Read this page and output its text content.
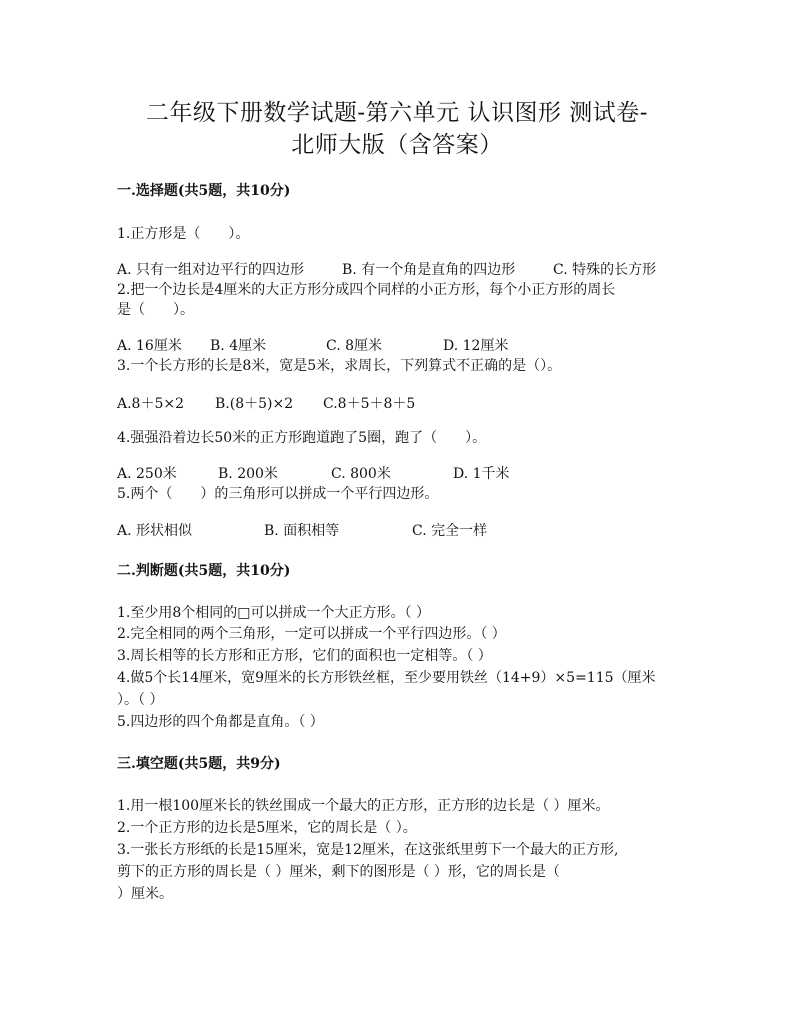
二年级下册数学试题-第六单元 认识图形 测试卷-
北师大版（含答案）
一.选择题(共5题，共10分)
1.正方形是（　　）。
A. 只有一组对边平行的四边形	B. 有一个角是直角的四边形	C. 特殊的长方形
2.把一个边长是4厘米的大正方形分成四个同样的小正方形，每个小正方形的周长
是（　　）。
A. 16厘米 B. 4厘米	C. 8厘米	D. 12厘米
3.一个长方形的长是8米，宽是5米，求周长，下列算式不正确的是（）。
A.8＋5×2 B.(8＋5)×2 C.8＋5＋8＋5
4.强强沿着边长50米的正方形跑道跑了5圈，跑了（　　）。
A. 250米	B. 200米	C. 800米	D. 1千米
5.两个（　　）的三角形可以拼成一个平行四边形。
A. 形状相似	B. 面积相等	C. 完全一样
二.判断题(共5题，共10分)
1.至少用8个相同的□可以拼成一个大正方形。（ ）
2.完全相同的两个三角形，一定可以拼成一个平行四边形。（ ）
3.周长相等的长方形和正方形，它们的面积也一定相等。（ ）
4.做5个长14厘米，宽9厘米的长方形铁丝框，至少要用铁丝（14+9）×5=115（厘米
）。（ ）
5.四边形的四个角都是直角。（ ）
三.填空题(共5题，共9分)
1.用一根100厘米长的铁丝围成一个最大的正方形，正方形的边长是（ ）厘米。
2.一个正方形的边长是5厘米，它的周长是（ ）。
3.一张长方形纸的长是15厘米，宽是12厘米，在这张纸里剪下一个最大的正方形,
剪下的正方形的周长是（ ）厘米，剩下的图形是（ ）形，它的周长是（
）厘米。
